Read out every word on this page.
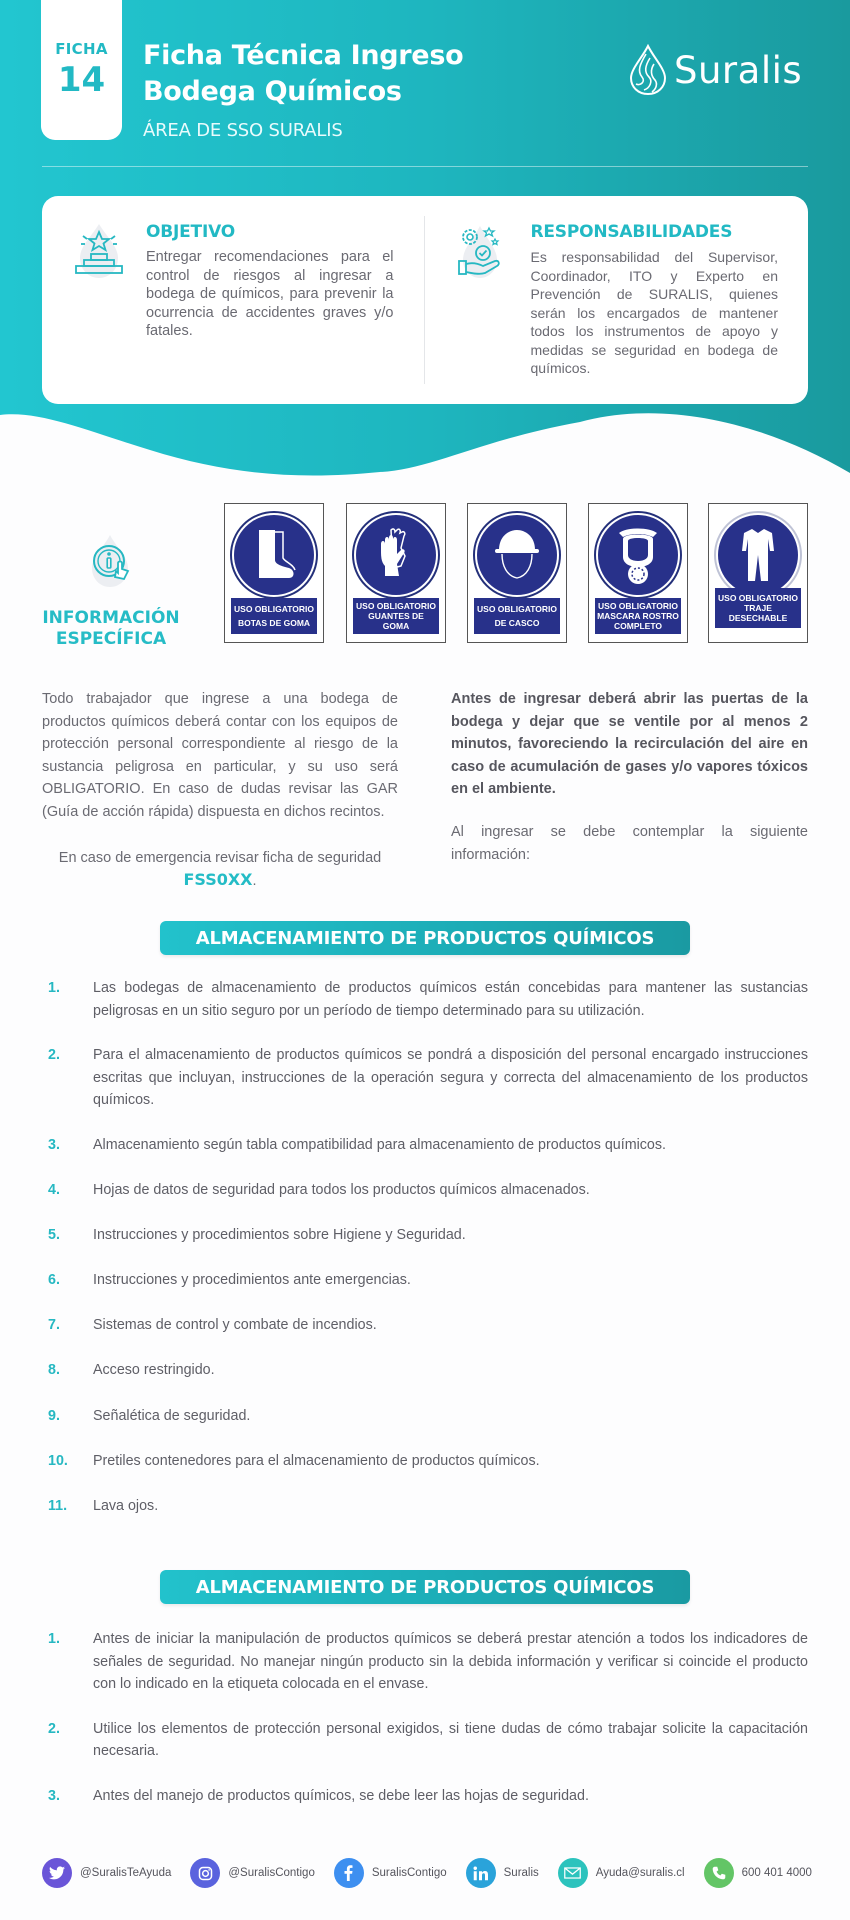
FICHA
14
Ficha Técnica Ingreso
Bodega Químicos
ÁREA DE SSO SURALIS
Suralis
OBJETIVO

Entregar recomendaciones para el control de riesgos al ingresar a bodega de químicos, para prevenir la ocurrencia de accidentes graves y/o fatales.

RESPONSABILIDADES

Es responsabilidad del Supervisor, Coordinador, ITO y Experto en Prevención de SURALIS, quienes serán los encargados de mantener todos los instrumentos de apoyo y medidas se seguridad en bodega de químicos.

INFORMACIÓN
ESPECÍFICA
USO OBLIGATORIO
BOTAS DE GOMA
USO OBLIGATORIO
GUANTES DE
GOMA
USO OBLIGATORIO
DE CASCO
USO OBLIGATORIO
MASCARA ROSTRO
COMPLETO
USO OBLIGATORIO
TRAJE DESECHABLE

Todo trabajador que ingrese a una bodega de productos químicos deberá contar con los equipos de protección personal correspondiente al riesgo de la sustancia peligrosa en particular, y su uso será OBLIGATORIO. En caso de dudas revisar las GAR (Guía de acción rápida) dispuesta en dichos recintos.

En caso de emergencia revisar ficha de seguridad
FSS0XX.

Antes de ingresar deberá abrir las puertas de la bodega y dejar que se ventile por al menos 2 minutos, favoreciendo la recirculación del aire en caso de acumulación de gases y/o vapores tóxicos en el ambiente.

Al ingresar se debe contemplar la siguiente información:

ALMACENAMIENTO DE PRODUCTOS QUÍMICOS
1.	Las bodegas de almacenamiento de productos químicos están concebidas para mantener las sustancias peligrosas en un sitio seguro por un período de tiempo determinado para su utilización.
2.	Para el almacenamiento de productos químicos se pondrá a disposición del personal encargado instrucciones escritas que incluyan, instrucciones de la operación segura y correcta del almacenamiento de los productos químicos.
3.	Almacenamiento según tabla compatibilidad para almacenamiento de productos químicos.
4.	Hojas de datos de seguridad para todos los productos químicos almacenados.
5.	Instrucciones y procedimientos sobre Higiene y Seguridad.
6.	Instrucciones y procedimientos ante emergencias.
7.	Sistemas de control y combate de incendios.
8.	Acceso restringido.
9.	Señalética de seguridad.
10.	Pretiles contenedores para el almacenamiento de productos químicos.
11.	Lava ojos.
ALMACENAMIENTO DE PRODUCTOS QUÍMICOS
1.	Antes de iniciar la manipulación de productos químicos se deberá prestar atención a todos los indicadores de señales de seguridad. No manejar ningún producto sin la debida información y verificar si coincide el producto con lo indicado en la etiqueta colocada en el envase.
2.	Utilice los elementos de protección personal exigidos, si tiene dudas de cómo trabajar solicite la capacitación necesaria.
3.	Antes del manejo de productos químicos, se debe leer las hojas de seguridad.
@SuralisTeAyuda	@SuralisContigo	SuralisContigo	Suralis	Ayuda@suralis.cl	600 401 4000
